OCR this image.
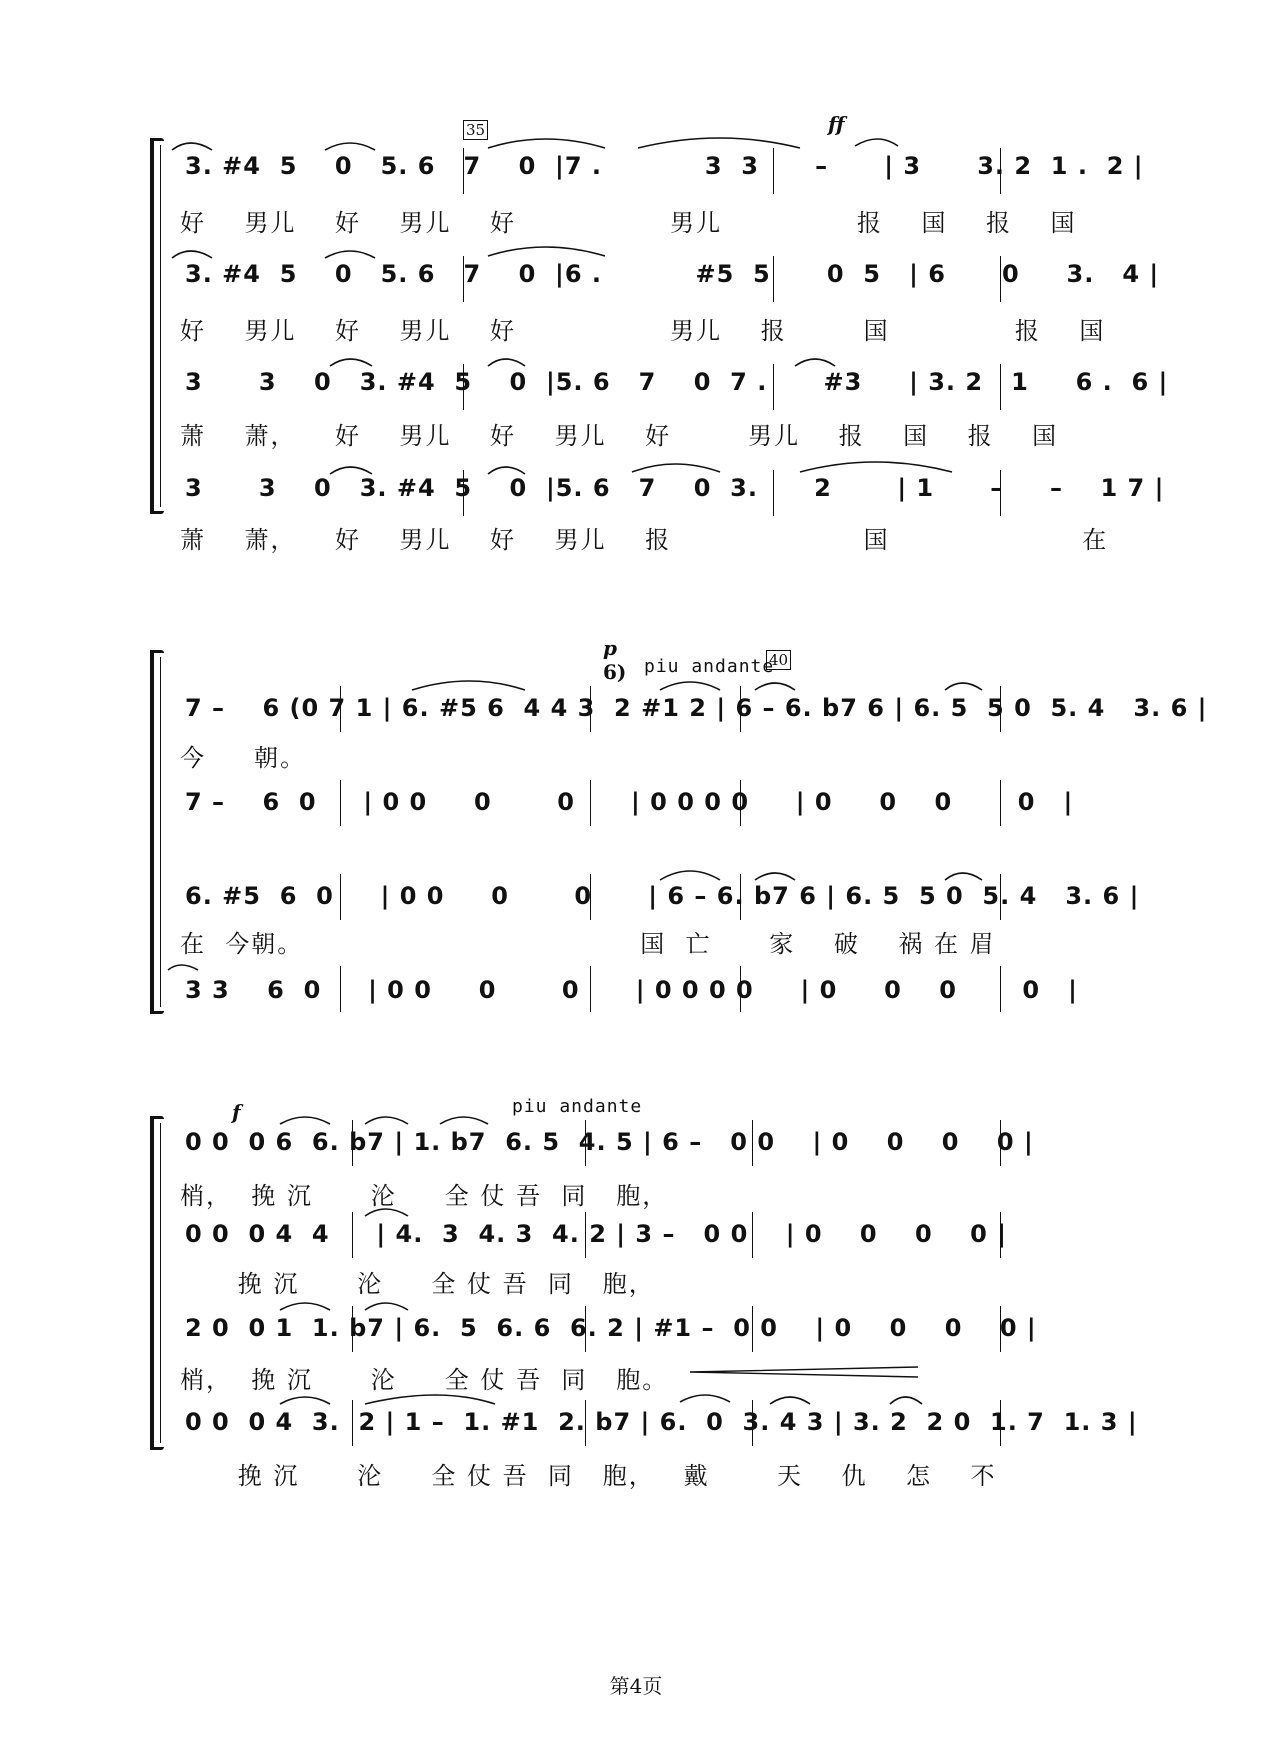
35	ff
3. #4  5    0   5. 6   7    0  |7 .           3  3      –      | 3      3. 2  1 .  2 |
好    男儿    好    男儿    好                男儿              报    国    报    国
3. #4  5    0   5. 6   7    0  |6 .          #5  5      0  5   | 6      0     3.   4 |
好    男儿    好    男儿    好                男儿    报        国             报    国
3      3    0   3. #4  5    0  |5. 6   7    0  7 .      #3     | 3. 2   1     6 .  6 |
萧    萧，    好    男儿    好    男儿    好        男儿    报    国    报    国
3      3    0   3. #4  5    0  |5. 6   7    0  3.      2       | 1      –     –    1 7 |
萧    萧，    好    男儿    好    男儿    报                    国                    在
p
6) piu andante
40
7 –    6 (0 7 1 | 6. #5 6  4 4 3  2 #1 2 | 6 – 6. b7 6 | 6. 5  5 0  5. 4   3. 6 |
今     朝。
7 –    6  0     | 0 0     0       0      | 0 0 0 0     | 0     0    0       0   |
6. #5  6  0     | 0 0     0       0      | 6 – 6. b7 6 | 6. 5  5 0  5. 4   3. 6 |
在  今朝。                                   国  亡      家    破    祸 在 眉
3 3    6  0     | 0 0     0       0      | 0 0 0 0     | 0     0    0       0   |
f	piu andante
0 0  0 6  6. b7 | 1. b7  6. 5  4. 5 | 6 –   0 0    | 0    0    0    0 |
梢，  挽 沉      沦     全 仗 吾  同   胞，
0 0  0 4  4     | 4.  3  4. 3  4. 2 | 3 –   0 0    | 0    0    0    0 |
挽 沉      沦     全 仗 吾  同   胞，
2 0  0 1  1. b7 | 6.  5  6. 6  6. 2 | #1 –  0 0    | 0    0    0    0 |
梢，  挽 沉      沦     全 仗 吾  同   胞。
0 0  0 4  3.  2 | 1 –  1. #1  2. b7 | 6.  0  3. 4 3 | 3. 2  2 0  1. 7  1. 3 |
挽 沉      沦     全 仗 吾  同   胞，   戴       天    仇    怎    不
第4页
